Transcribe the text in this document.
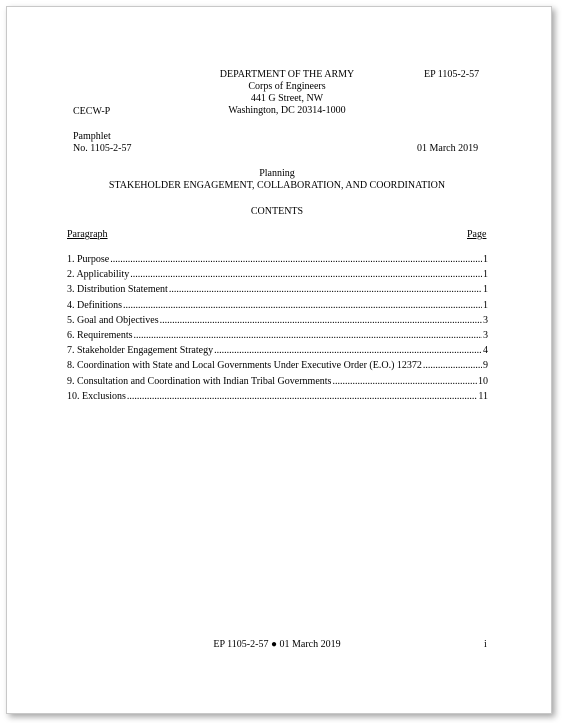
DEPARTMENT OF THE ARMY
Corps of Engineers
441 G Street, NW
Washington, DC 20314-1000
EP 1105-2-57
CECW-P
Pamphlet
No. 1105-2-57	01 March 2019
Planning
STAKEHOLDER ENGAGEMENT, COLLABORATION, AND COORDINATION
CONTENTS
Paragraph	Page
1. Purpose .....	1
2. Applicability .....	1
3. Distribution Statement .....	1
4. Definitions .....	1
5. Goal and Objectives .....	3
6. Requirements .....	3
7. Stakeholder Engagement Strategy .....	4
8. Coordination with State and Local Governments Under Executive Order (E.O.) 12372 .....	9
9. Consultation and Coordination with Indian Tribal Governments .....	10
10. Exclusions .....	11
EP 1105-2-57 ● 01 March 2019	i
